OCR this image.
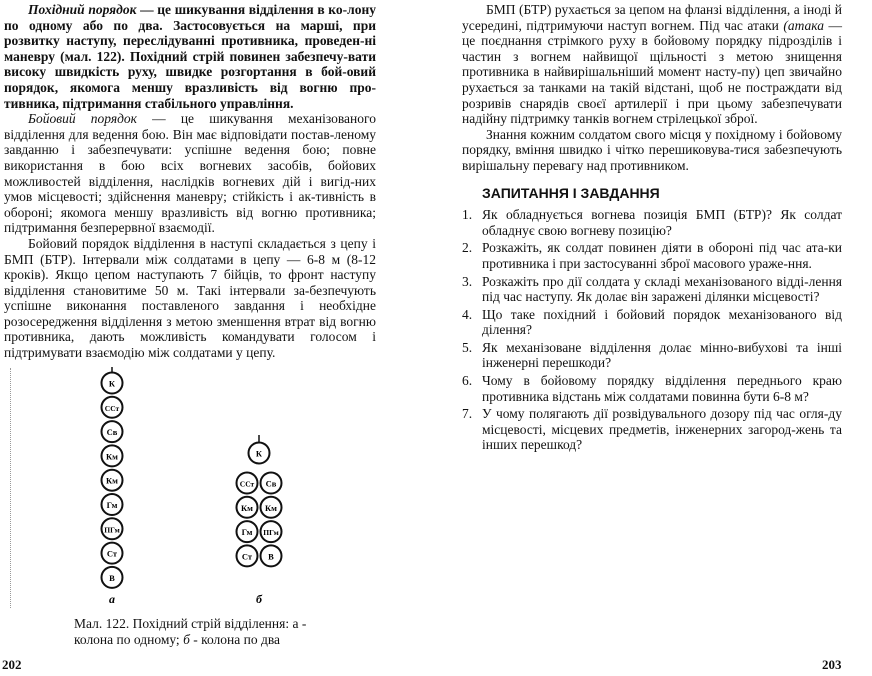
Похідний порядок — це шикування відділення в ко-лону по одному або по два. Застосовується на марші, при розвитку наступу, переслідуванні противника, проведен-ні маневру (мал. 122). Похідний стрій повинен забезпечу-вати високу швидкість руху, швидке розгортання в бой-овий порядок, якомога меншу вразливість від вогню про-тивника, підтримання стабільного управління.

Бойовий порядок — це шикування механізованого відділення для ведення бою. Він має відповідати постав-леному завданню і забезпечувати: успішне ведення бою; повне використання в бою всіх вогневих засобів, бойових можливостей відділення, наслідків вогневих дій і вигід-них умов місцевості; здійснення маневру; стійкість і ак-тивність в обороні; якомога меншу вразливість від вогню противника; підтримання безперервної взаємодії.

Бойовий порядок відділення в наступі складається з цепу і БМП (БТР). Інтервали між солдатами в цепу — 6-8 м (8-12 кроків). Якщо цепом наступають 7 бійців, то фронт наступу відділення становитиме 50 м. Такі інтервали за-безпечують успішне виконання поставленого завдання і необхідне розосередження відділення з метою зменшення втрат від вогню противника, дають можливість командувати голосом і підтримувати взаємодію між солдатами у цепу.

К
ССт
Св
Км
Км
Гм
ПГм
Ст
В
а
К
ССт Св
Км Км
Гм ПГм
Ст В
б
Мал. 122. Похідний стрій відділення: а -
колона по одному; б - колона по два
202

БМП (БТР) рухається за цепом на фланзі відділення, а іноді й усередині, підтримуючи наступ вогнем. Під час атаки (атака — це поєднання стрімкого руху в бойовому порядку підрозділів і частин з вогнем найвищої щільності з метою знищення противника в найвирішальніший момент насту-пу) цеп звичайно рухається за танками на такій відстані, щоб не постраждати від розривів снарядів своєї артилерії і при цьому забезпечувати надійну підтримку танків вогнем стрілецької зброї.

Знання кожним солдатом свого місця у похідному і бойовому порядку, вміння швидко і чітко перешиковува-тися забезпечують вирішальну перевагу над противником.

ЗАПИТАННЯ І ЗАВДАННЯ
1. Як обладнується вогнева позиція БМП (БТР)? Як солдат обладнує свою вогневу позицію?
2. Розкажіть, як солдат повинен діяти в обороні під час ата-ки противника і при застосуванні зброї масового ураже-ння.
3. Розкажіть про дії солдата у складі механізованого відді-лення під час наступу. Як долає він заражені ділянки місцевості?
4. Що таке похідний і бойовий порядок механізованого від ділення?
5. Як механізоване відділення долає мінно-вибухові та інші інженерні перешкоди?
6. Чому в бойовому порядку відділення переднього краю противника відстань між солдатами повинна бути 6-8 м?
7. У чому полягають дії розвідувального дозору під час огля-ду місцевості, місцевих предметів, інженерних загород-жень та інших перешкод?
203
